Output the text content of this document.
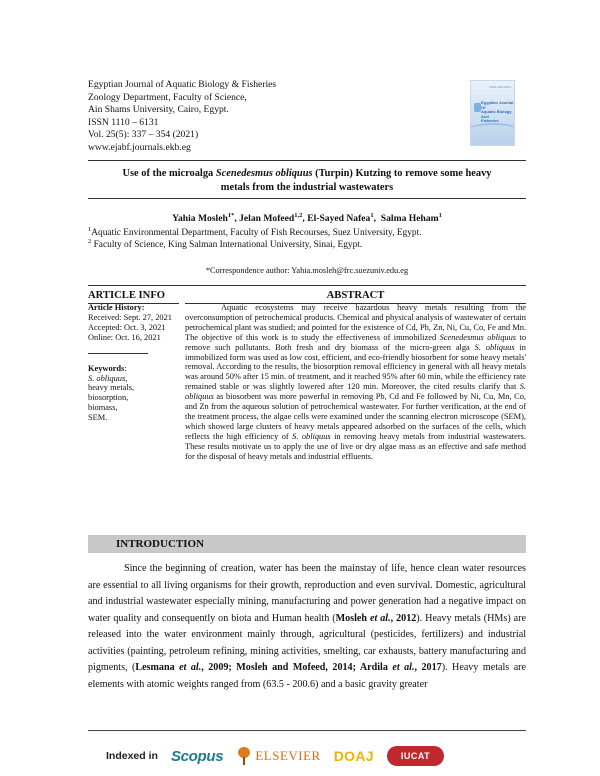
Egyptian Journal of Aquatic Biology & Fisheries
Zoology Department, Faculty of Science,
Ain Shams University, Cairo, Egypt.
ISSN 1110 – 6131
Vol. 25(5): 337 – 354 (2021)
www.ejabf.journals.ekb.eg
ISSN 1110-6131
Egyptian Journal
Of
Aquatic Biology
And
Fisheries
Use of the microalga Scenedesmus obliquus (Turpin) Kutzing to remove some heavy
metals from the industrial wastewaters
Yahia Mosleh$^{1*}$, Jelan Mofeed$^{1,2}$, El-Sayed Nafea$^1$,  Salma Heham$^1$
$^1$Aquatic Environmental Department, Faculty of Fish Recourses, Suez University, Egypt.
$^2$ Faculty of Science, King Salman International University, Sinai, Egypt.
*Correspondence author: Yahia.mosleh@frc.suezuniv.edu.eg
ARTICLE INFO
Article History:
Received: Sept. 27, 2021
Accepted: Oct. 3, 2021
Online: Oct. 16, 2021
Keywords:
S. obliquus,
heavy metals,
biosorption,
biomass,
SEM.
ABSTRACT
Aquatic ecosystems may receive hazardous heavy metals resulting from the overconsumption of petrochemical products. Chemical and physical analysis of wastewater of certain petrochemical plant was studied; and pointed for the existence of Cd, Pb, Zn, Ni, Cu, Co, Fe and Mn. The objective of this work is to study the effectiveness of immobilized Scenedesmus obliquus to remove such pollutants. Both fresh and dry biomass of the micro-green alga S. obliquus in immobilized form was used as low cost, efficient, and eco-friendly biosorbent for some heavy metals' removal. According to the results, the biosorption removal efficiency in general with all heavy metals was around 50% after 15 min. of treatment, and it reached 95% after 60 min, while the efficiency rate remained stable or was slightly lowered after 120 min. Moreover, the cited results clarify that S. obliquus as biosorbent was more powerful in removing Pb, Cd and Fe followed by Ni, Cu, Mn, Co, and Zn from the aqueous solution of petrochemical wastewater. For further verification, at the end of the treatment process, the algae cells were examined under the scanning electron microscope (SEM), which showed large clusters of heavy metals appeared adsorbed on the surfaces of the cells, which reflects the high efficiency of S. obliquus in removing heavy metals from industrial wastewaters. These results motivate us to apply the use of live or dry algae mass as an effective and safe method for the disposal of heavy metals and industrial effluents.
INTRODUCTION
Since the beginning of creation, water has been the mainstay of life, hence clean water resources are essential to all living organisms for their growth, reproduction and even survival. Domestic, agricultural and industrial wastewater especially mining, manufacturing and power generation had a negative impact on water quality and consequently on biota and Human health (Mosleh et al., 2012). Heavy metals (HMs) are released into the water environment mainly through, agricultural (pesticides, fertilizers) and industrial activities (painting, petroleum refining, mining activities, smelting, car exhausts, battery manufacturing and pigments, (Lesmana et al., 2009; Mosleh and Mofeed, 2014; Ardila et al., 2017). Heavy metals are elements with atomic weights ranged from (63.5 - 200.6) and a basic gravity greater
Indexed in Scopus ELSEVIER DOAJ	IUCAT
